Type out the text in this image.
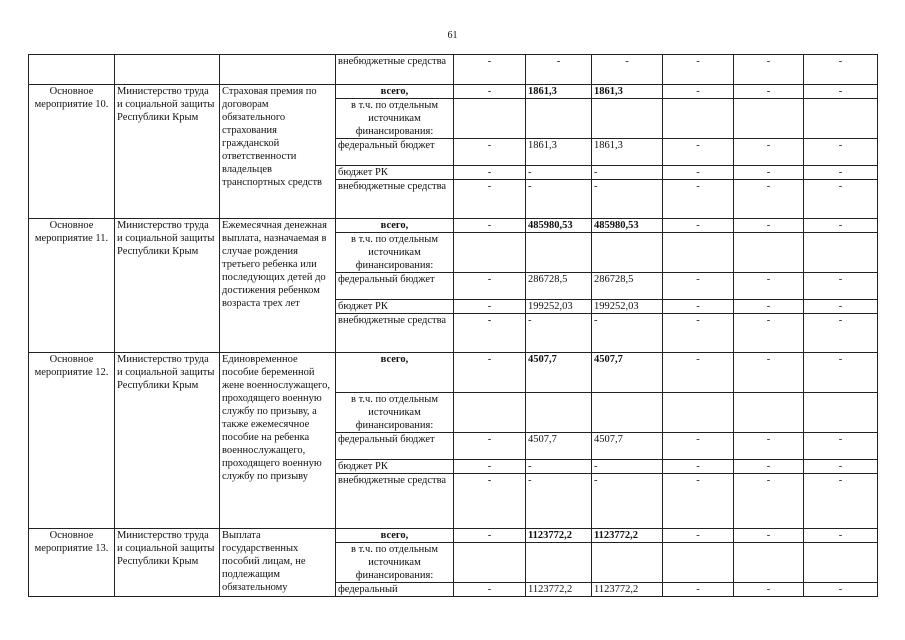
61
			внебюджетные средства	-	-	-	-	-	-
Основное мероприятие 10.	Министерство труда и социальной защиты Республики Крым	Страховая премия по договорам обязательного страхования гражданской ответственности владельцев транспортных средств	всего,	-	1861,3	1861,3	-	-	-
			в т.ч. по отдельным источникам финансирования:						
			федеральный бюджет	-	1861,3	1861,3	-	-	-
			бюджет РК	-	-	-	-	-	-
			внебюджетные средства	-	-	-	-	-	-
Основное мероприятие 11.	Министерство труда и социальной защиты Республики Крым	Ежемесячная денежная выплата, назначаемая в случае рождения третьего ребенка или последующих детей до достижения ребенком возраста трех лет	всего,	-	485980,53	485980,53	-	-	-
			в т.ч. по отдельным источникам финансирования:						
			федеральный бюджет	-	286728,5	286728,5	-	-	-
			бюджет РК	-	199252,03	199252,03	-	-	-
			внебюджетные средства	-	-	-	-	-	-
Основное мероприятие 12.	Министерство труда и социальной защиты Республики Крым	Единовременное пособие беременной жене военнослужащего, проходящего военную службу по призыву, а также ежемесячное пособие на ребенка военнослужащего, проходящего военную службу по призыву	всего,	-	4507,7	4507,7	-	-	-
			в т.ч. по отдельным источникам финансирования:						
			федеральный бюджет	-	4507,7	4507,7	-	-	-
			бюджет РК	-	-	-	-	-	-
			внебюджетные средства	-	-	-	-	-	-
Основное мероприятие 13.	Министерство труда и социальной защиты Республики Крым	Выплата государственных пособий лицам, не подлежащим обязательному	всего,	-	1123772,2	1123772,2	-	-	-
			в т.ч. по отдельным источникам финансирования:						
			федеральный	-	1123772,2	1123772,2	-	-	-
